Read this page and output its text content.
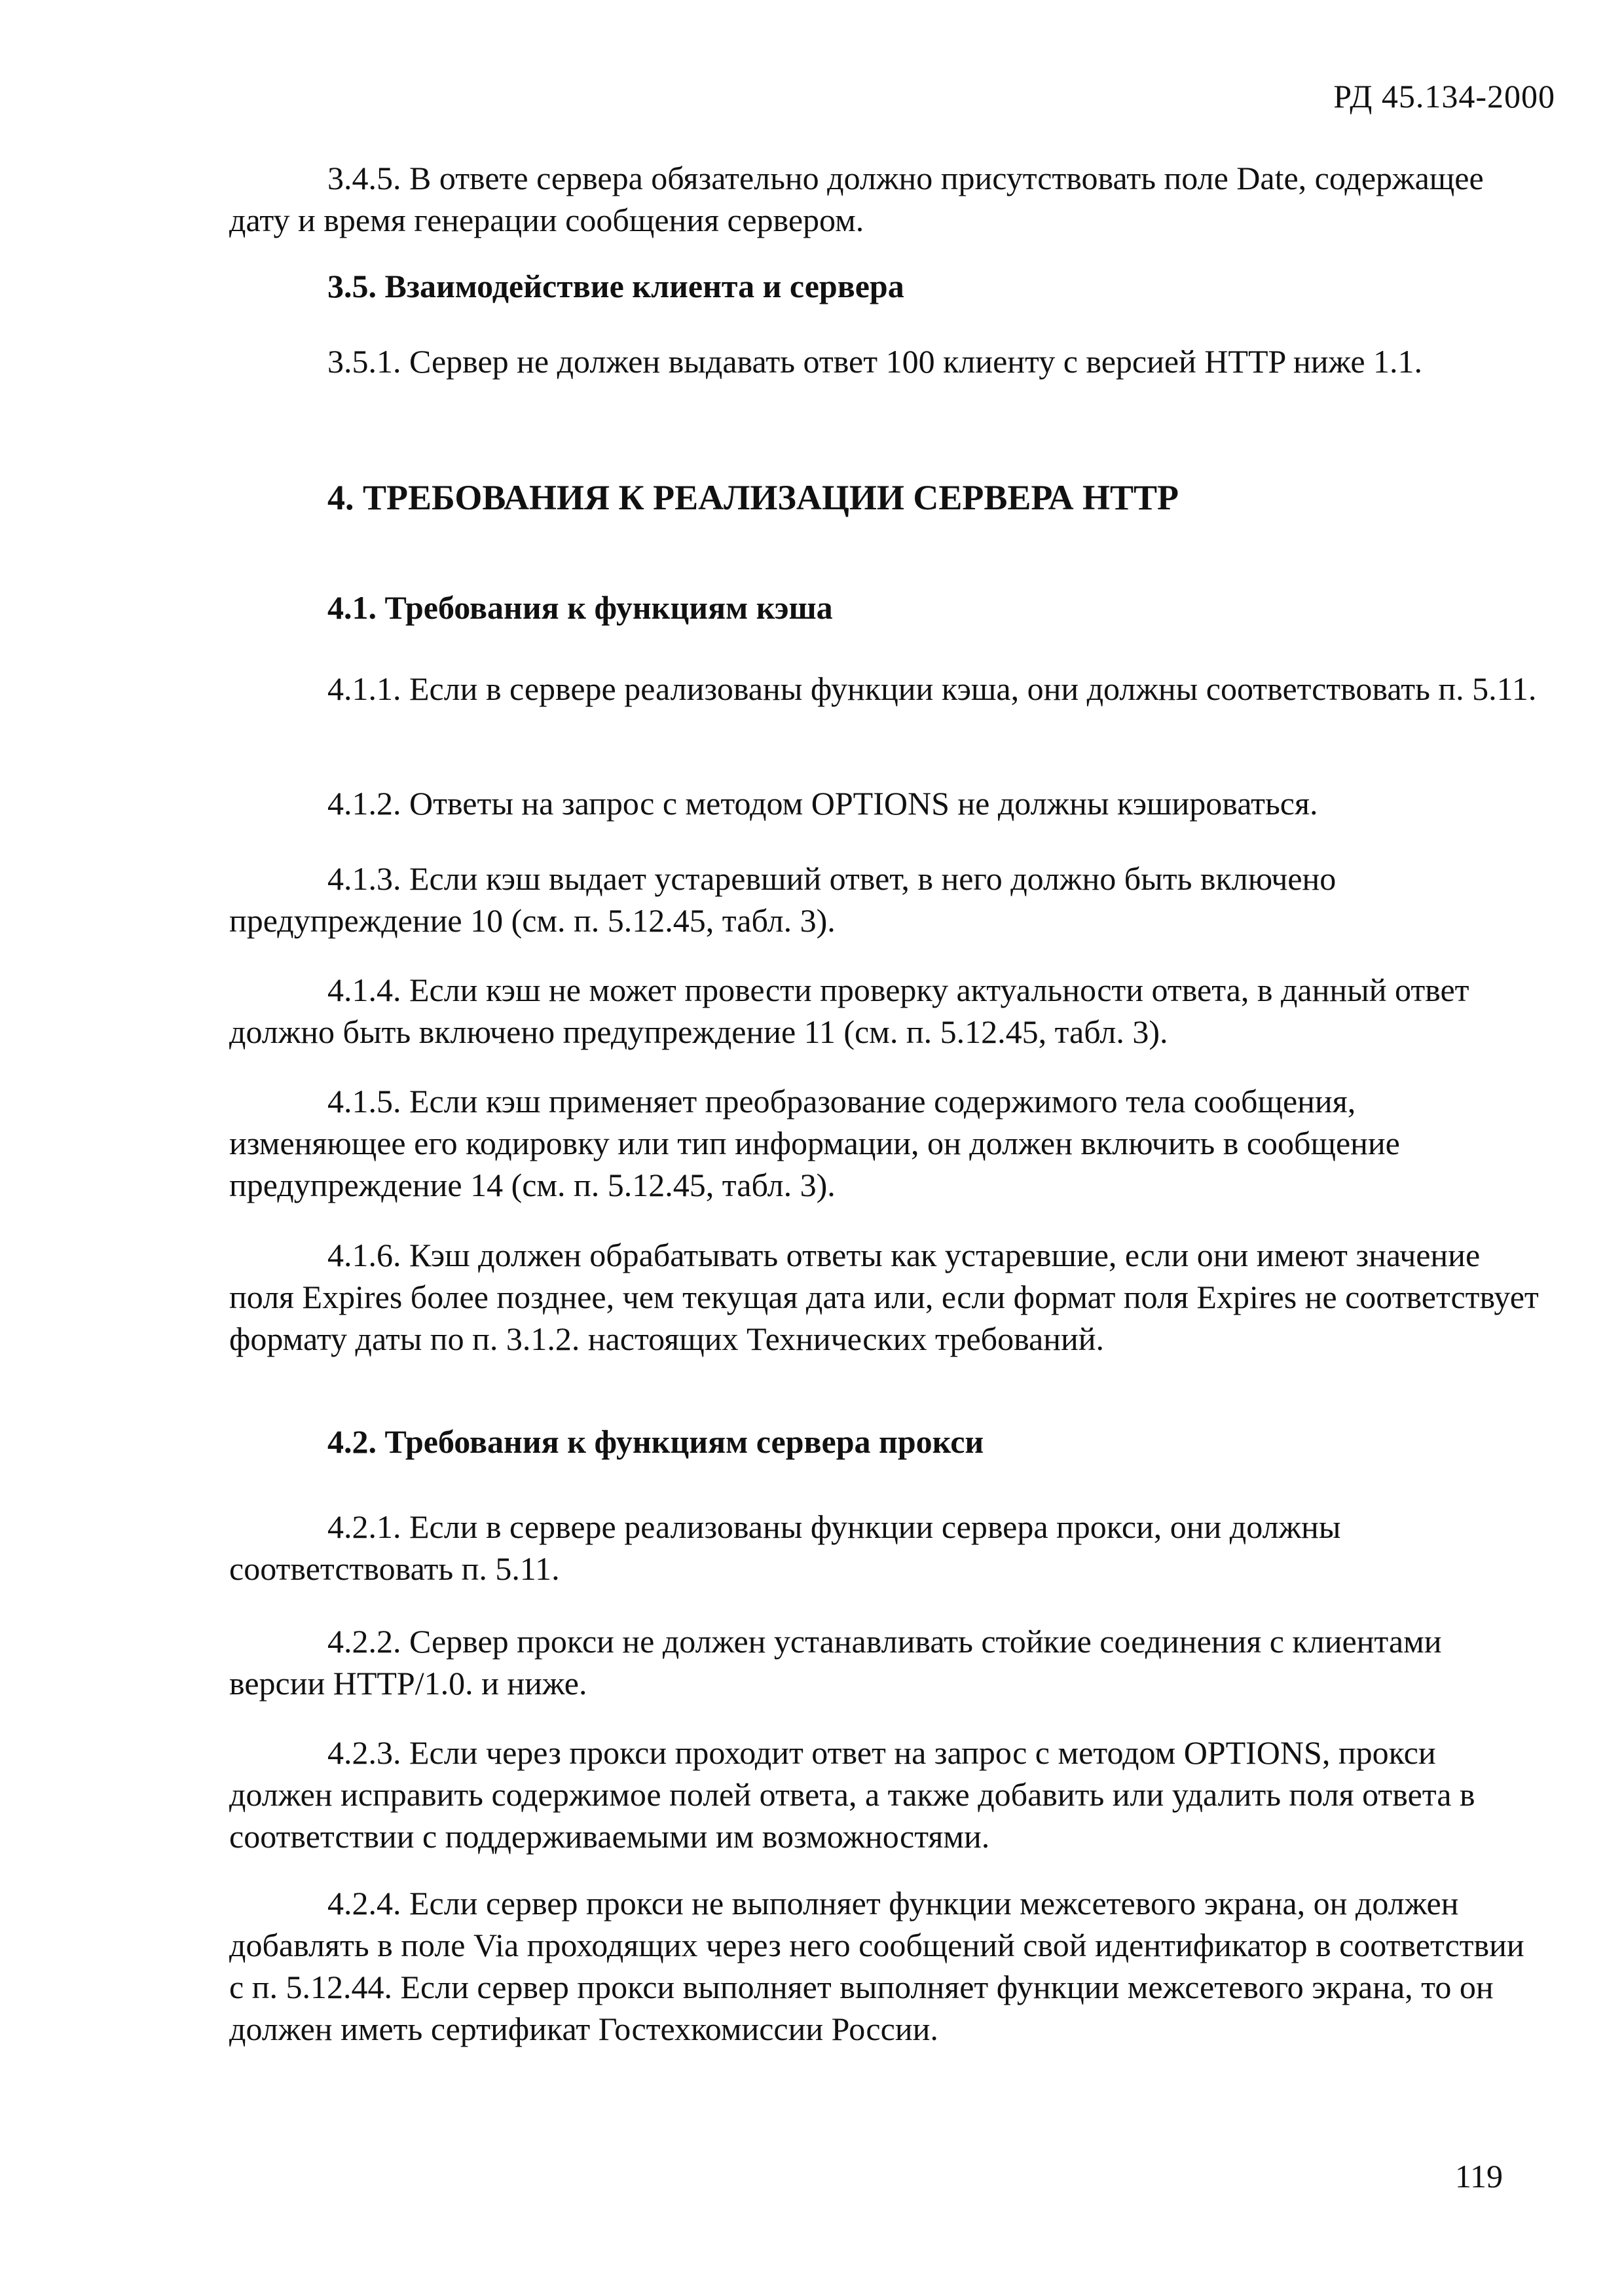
РД 45.134-2000

3.4.5. В ответе сервера обязательно должно присутствовать поле Date, содержащее дату и время генерации сообщения сервером.

3.5. Взаимодействие клиента и сервера

3.5.1. Сервер не должен выдавать ответ 100 клиенту с версией HTTP ниже 1.1.

4. ТРЕБОВАНИЯ К РЕАЛИЗАЦИИ СЕРВЕРА HTTP

4.1. Требования к функциям кэша

4.1.1. Если в сервере реализованы функции кэша, они должны соответствовать п. 5.11.

4.1.2. Ответы на запрос с методом OPTIONS не должны кэшироваться.

4.1.3. Если кэш выдает устаревший ответ, в него должно быть включено предупреждение 10 (см. п. 5.12.45, табл. 3).

4.1.4. Если кэш не может провести проверку актуальности ответа, в данный ответ должно быть включено предупреждение 11 (см. п. 5.12.45, табл. 3).

4.1.5. Если кэш применяет преобразование содержимого тела сообщения, изменяющее его кодировку или тип информации, он должен включить в сообщение предупреждение 14 (см. п. 5.12.45, табл. 3).

4.1.6. Кэш должен обрабатывать ответы как устаревшие, если они имеют значение поля Expires более позднее, чем текущая дата или, если формат поля Expires не соответствует формату даты по п. 3.1.2. настоящих Технических требований.

4.2. Требования к функциям сервера прокси

4.2.1. Если в сервере реализованы функции сервера прокси, они должны соответствовать п. 5.11.

4.2.2. Сервер прокси не должен устанавливать стойкие соединения с клиентами версии HTTP/1.0. и ниже.

4.2.3. Если через прокси проходит ответ на запрос с методом OPTIONS, прокси должен исправить содержимое полей ответа, а также добавить или удалить поля ответа в соответствии с поддерживаемыми им возможностями.

4.2.4. Если сервер прокси не выполняет функции межсетевого экрана, он должен добавлять в поле Via проходящих через него сообщений свой идентификатор в соответствии с п. 5.12.44. Если сервер прокси выполняет выполняет функции межсетевого экрана, то он должен иметь сертификат Гостехкомиссии России.

119
